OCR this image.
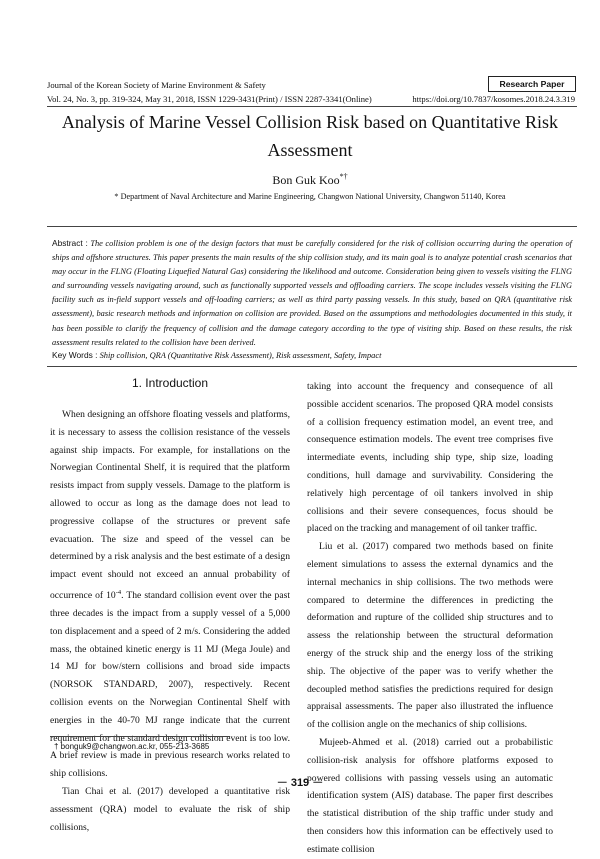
Journal of the Korean Society of Marine Environment & Safety	Research Paper
Vol. 24, No. 3, pp. 319-324, May 31, 2018, ISSN 1229-3431(Print) / ISSN 2287-3341(Online)	https://doi.org/10.7837/kosomes.2018.24.3.319
Analysis of Marine Vessel Collision Risk based on Quantitative Risk Assessment
Bon Guk Koo*†
* Department of Naval Architecture and Marine Engineering, Changwon National University, Changwon 51140, Korea
Abstract : The collision problem is one of the design factors that must be carefully considered for the risk of collision occurring during the operation of ships and offshore structures. This paper presents the main results of the ship collision study, and its main goal is to analyze potential crash scenarios that may occur in the FLNG (Floating Liquefied Natural Gas) considering the likelihood and outcome. Consideration being given to vessels visiting the FLNG and surrounding vessels navigating around, such as functionally supported vessels and offloading carriers. The scope includes vessels visiting the FLNG facility such as in-field support vessels and off-loading carriers; as well as third party passing vessels. In this study, based on QRA (quantitative risk assessment), basic research methods and information on collision are provided. Based on the assumptions and methodologies documented in this study, it has been possible to clarify the frequency of collision and the damage category according to the type of visiting ship. Based on these results, the risk assessment results related to the collision have been derived.
Key Words : Ship collision, QRA (Quantitative Risk Assessment), Risk assessment, Safety, Impact
1. Introduction

When designing an offshore floating vessels and platforms, it is necessary to assess the collision resistance of the vessels against ship impacts. For example, for installations on the Norwegian Continental Shelf, it is required that the platform resists impact from supply vessels. Damage to the platform is allowed to occur as long as the damage does not lead to progressive collapse of the structures or prevent safe evacuation. The size and speed of the vessel can be determined by a risk analysis and the best estimate of a design impact event should not exceed an annual probability of occurrence of $10^{-4}$. The standard collision event over the past three decades is the impact from a supply vessel of a 5,000 ton displacement and a speed of 2 m/s. Considering the added mass, the obtained kinetic energy is 11 MJ (Mega Joule) and 14 MJ for bow/stern collisions and broad side impacts (NORSOK STANDARD, 2007), respectively. Recent collision events on the Norwegian Continental Shelf with energies in the 40-70 MJ range indicate that the current requirement for the standard design collision event is too low. A brief review is made in previous research works related to ship collisions.

Tian Chai et al. (2017) developed a quantitative risk assessment (QRA) model to evaluate the risk of ship collisions,

taking into account the frequency and consequence of all possible accident scenarios. The proposed QRA model consists of a collision frequency estimation model, an event tree, and consequence estimation models. The event tree comprises five intermediate events, including ship type, ship size, loading conditions, hull damage and survivability. Considering the relatively high percentage of oil tankers involved in ship collisions and their severe consequences, focus should be placed on the tracking and management of oil tanker traffic.

Liu et al. (2017) compared two methods based on finite element simulations to assess the external dynamics and the internal mechanics in ship collisions. The two methods were compared to determine the differences in predicting the deformation and rupture of the collided ship structures and to assess the relationship between the structural deformation energy of the struck ship and the energy loss of the striking ship. The objective of the paper was to verify whether the decoupled method satisfies the predictions required for design appraisal assessments. The paper also illustrated the influence of the collision angle on the mechanics of ship collisions.

Mujeeb-Ahmed et al. (2018) carried out a probabilistic collision-risk analysis for offshore platforms exposed to powered collisions with passing vessels using an automatic identification system (AIS) database. The paper first describes the statistical distribution of the ship traffic under study and then considers how this information can be effectively used to estimate collision

† bonguk9@changwon.ac.kr, 055-213-3685
－ 319 －
